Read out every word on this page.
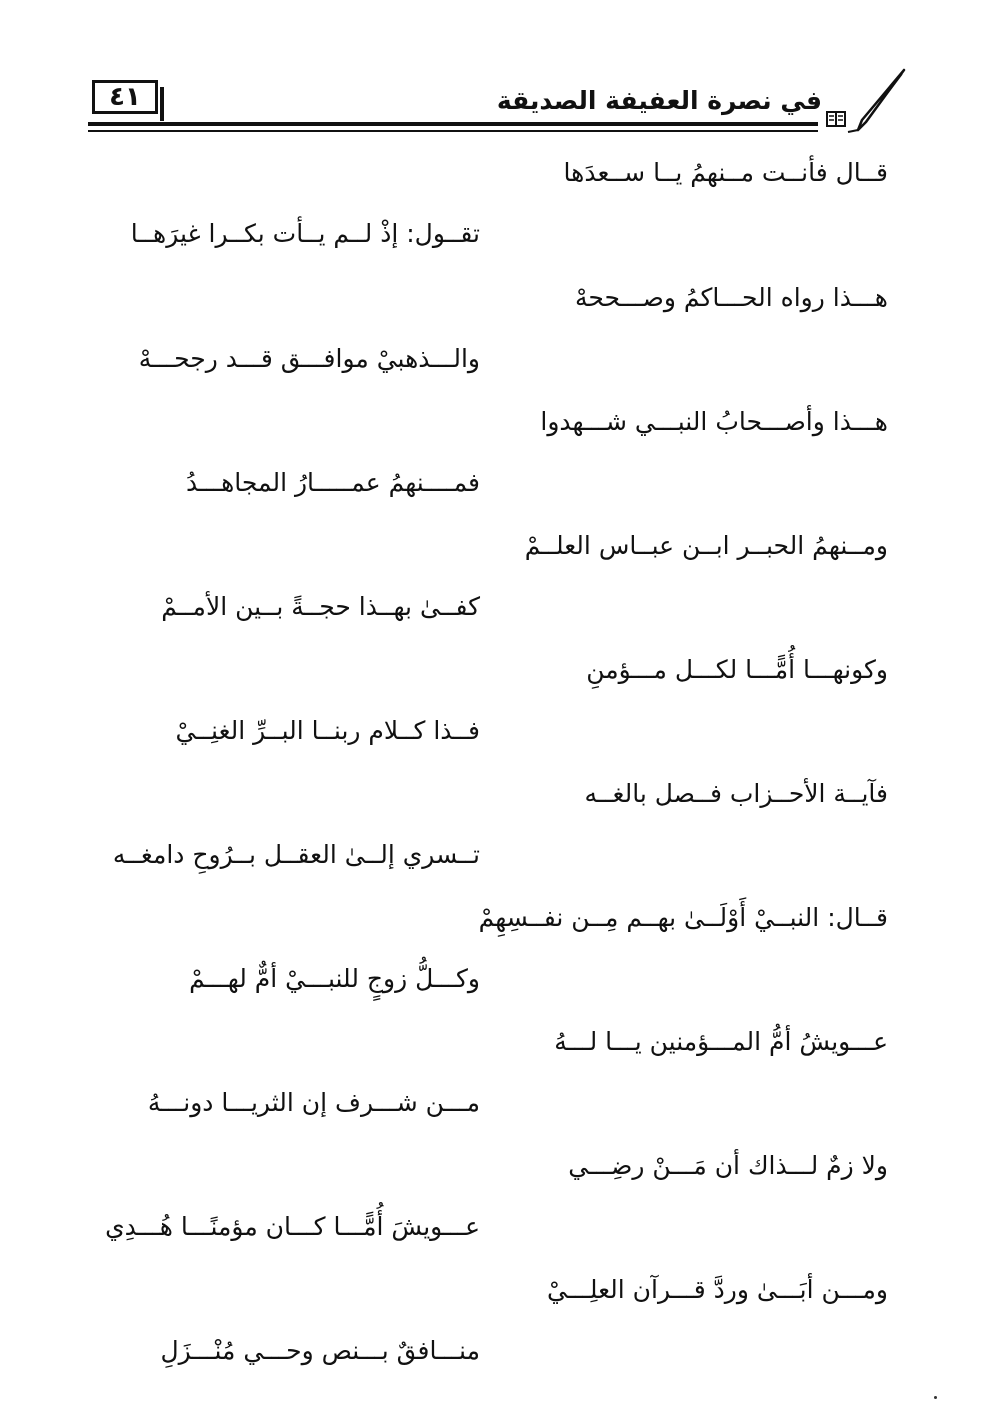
٤١	في نصرة العفيفة الصديقة
قــال فأنــت مــنهمُ يــا ســعدَها
تقــول: إذْ لــم يــأت بكــرا غيرَهــا
هـــذا رواه الحـــاكمُ وصـــححهْ
والـــذهبيْ موافـــق قـــد رجحـــهْ
هـــذا وأصـــحابُ النبـــي شـــهدوا
فمــــنهمُ عمـــــارُ المجاهـــدُ
ومــنهمُ الحبــر ابــن عبــاس العلــمْ
كفــىٰ بهــذا حجــةً بــين الأمــمْ
وكونهـــا أُمًّـــا لكـــل مـــؤمنِ
فــذا كــلام ربنــا البــرِّ الغنِــيْ
فآيــة الأحــزاب فــصل بالغــه
تــسري إلــىٰ العقــل بــرُوحِ دامغــه
قــال: النبــيْ أَوْلَــىٰ بهــم مِــن نفــسِهِمْ
وكـــلُّ زوجٍ للنبـــيْ أمٌّ لهـــمْ
عـــويشُ أمُّ المـــؤمنين يـــا لـــهُ
مـــن شـــرف إن الثريـــا دونـــهُ
ولا زمٌ لـــذاك أن مَـــنْ رضِـــي
عـــويشَ أُمًّـــا كـــان مؤمنًـــا هُـــدِي
ومـــن أبَـــىٰ وردَّ قـــرآن العلِـــيْ
منـــافقٌ بـــنص وحـــي مُنْـــزَلِ
